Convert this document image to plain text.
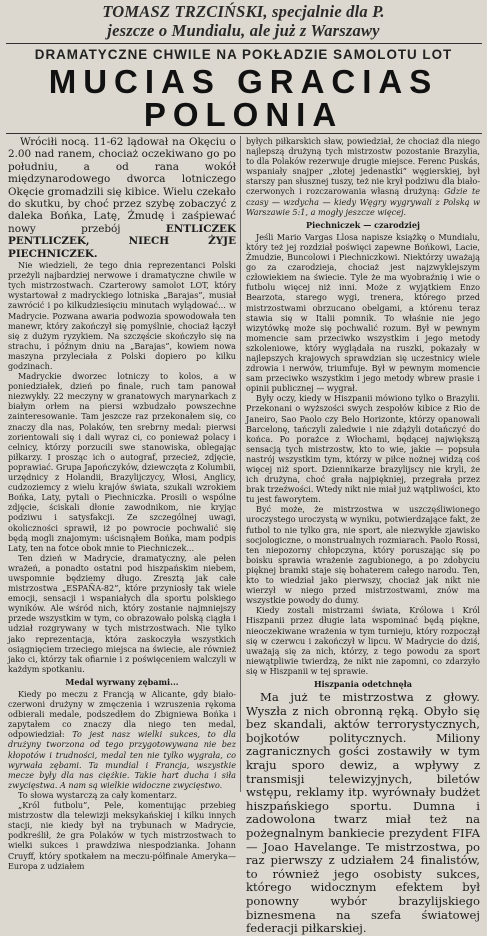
TOMASZ TRZCIŃSKI, specjalnie dla P.
jeszcze o Mundialu, ale już z Warszawy
DRAMATYCZNE CHWILE NA POKŁADZIE SAMOLOTU LOT
MUCIAS GRACIAS
POLONIA

Wróciłi nocą. 11-62 lądował na Okęciu o 2.00 nad ranem, chociaż oczekiwano go po południu, a od rana wokół międzynarodowego dworca lotniczego Okęcie gromadzili się kibice. Wielu czekało do skutku, by choć przez szybę zobaczyć z daleka Bońka, Latę, Żmudę i zaśpiewać nowy przebój ENTLICZEK PENTLICZEK, NIECH ŻYJE PIECHNICZEK.

Nie wiedzieli, że tego dnia reprezentanci Polski przeżyli najbardziej nerwowe i dramatyczne chwile w tych mistrzostwach. Czarterowy samolot LOT, który wystartował z madryckiego lotniska „Barajas”, musiał zawrócić i po kilkudziesięciu minutach wylądować... w Madrycie. Pozwana awaria podwozia spowodowała ten manewr, który zakończył się pomyślnie, chociaż łączył się z dużym ryzykiem. Na szczęście skończyło się na strachu, i późnym dniu na „Barajas”, kowiem nowa maszyna przyleciała z Polski dopiero po kilku godzinach.

Madryckie dworzec lotniczy to kolos, a w poniedziałek, dzień po finale, ruch tam panował niezwykły. 22 meczyny w granatowych marynarkach z białym orłem na piersi wzbudzało powszechne zainteresowanie. Tam jeszcze raz przekonałem się, co znaczy dla nas, Polaków, ten srebrny medal: pierwsi zorientowali się i dali wyraz ci, co ponieważ polacy i celnicy, którzy porzucili swe stanowiska, oblegając piłkarzy. I prosząc ich o autograf, przecież, zdjęcie, poprawiać. Grupa Japończyków, dziewczęta z Kolumbii, urzędnicy z Holandii, Brazylijczycy, Włosi, Anglicy, cudzoziemcy z wielu krajów świata, szukali wzrokiem Bońka, Laty, pytali o Piechniczka. Prosili o wspólne zdjęcie, ściskali dłonie zawodnikom, nie kryjąc podziwu i satysfakcji. Ze szczególnej uwagi, okoliczności sprawił, iż po powrocie pochwalić się będą mogli znajomym: uścisnąłem Bońka, mam podpis Laty, ten na fotce obok mnie to Piechniczek...

Ten dzień w Madrycie, dramatyczny, ale pełen wrażeń, a ponadto ostatni pod hiszpańskim niebem, uwspomnie będziemy długo. Zresztą jak całe mistrzostwa „ESPAÑA-82”, które przyniosły tak wiele emocji, sensacji i wspaniałych dla sportu polskiego wyników. Ale wśród nich, który zostanie najmniejszy przede wszystkim w tym, co obrazowało polską ciągła i udział rozgrywany w tych mistrzostwach. Nie tylko jako reprezentacja, która zaskoczyła wszystkich osiągnięciem trzeciego miejsca na świecie, ale również jako ci, którzy tak ofiarnie i z poświęceniem walczyli w każdym spotkaniu.

Medal wyrwany zębami...

Kiedy po meczu z Francją w Alicante, gdy biało-czerwoni drużyny w zmęczenia i wzruszenia rękoma odbierali medale, podszedłem do Zbigniewa Bońka i zapytałem co znaczy dla niego ten medal, odpowiedział: To jest nasz wielki sukces, to dla drużyny tworzona od tego przygotowywana nie bez kłopotów i trudności, medal ten nie tylko wygrała, co wyrwała zębami. Ta mundial i Francja, wszystkie mecze były dla nas ciężkie. Takie hart ducha i siła zwycięstwa. A nam są wielkie widoczne zwycięstwo.

To słowa wystarczą za cały komentarz.

„Król futbolu”, Pele, komentując przebieg mistrzostw dla telewizji meksykańskiej i kilku innych stacji, nie kiedy był na trybunach w Madrycie, podkreślił, że gra Polaków w tych mistrzostwach to wielki sukces i prawdziwa niespodzianka. Johann Cruyff, który spotkałem na meczu-półfinale Ameryka—Europa z udziałem

byłych piłkarskich sław, powiedział, że chociaż dla niego najlepszą drużyną tych mistrzostw pozostanie Brazylia, to dla Polaków rezerwuje drugie miejsce. Ferenc Puskás, wspaniały snajper „złotej jedenastki” węgierskiej, był starszy pan słusznej tuszy, też nie krył podziwu dla biało-czerwonych i rozczarowania własną drużyną: Gdzie te czasy — wzdycha — kiedy Węgry wygrywali z Polską w Warszawie 5:1, a mogły jeszcze więcej.

Piechniczek — czarodziej

Jeśli Mario Vargas Llosa napisze książkę o Mundialu, który też jej rozdział poświęci zapewne Bońkowi, Lacie, Żmudzie, Buncolowi i Piechniczkowi. Niektórzy uważają go za czarodzieja, chociaż jest najzwyklejszym człowiekiem na świecie. Tyle że ma wyobraźnię i wie o futbolu więcej niż inni. Może z wyjątkiem Enzo Bearzota, starego wygi, trenera, którego przed mistrzostwami obrzucano obelgami, a którenu teraz stawia się w Italii pomnik. To właśnie nie jego wizytówkę może się pochwalić rozum. Był w pewnym momencie sam przeciwko wszystkim i jego metody szkoleniowe, który wyglądała na ruszki, pokazały w najlepszych krajowych sprawdzian się uczestnicy wiele zdrowia i nerwów, triumfuje. Był w pewnym momencie sam przeciwko wszystkim i jego metody wbrew prasie i opinii publicznej — wygrał.

Były oczy, kiedy w Hiszpanii mówiono tylko o Brazylii. Przekonani o wyższości swych zespołów kibice z Rio de Janeiro, Sao Paolo czy Belo Horizonte, którzy opanowali Barcelonę, tańczyli zaledwie i nie zdążyli dotańczyć do końca. Po porażce z Włochami, będącej największą sensacją tych mistrzostw, kto to wie, jakie — popsuła nastrój wszystkim tym, którzy w piłce nożnej widzą coś więcej niż sport. Dziennikarze brazylijscy nie kryli, że ich drużyna, choć grała najpiękniej, przegrała przez brak trzeźwości. Wtedy nikt nie miał już wątpliwości, kto tu jest faworytem.

Być może, że mistrzostwa w uszczęśliwionego uroczystego uroczystą w wyniku, potwierdzające fakt, że futbol to nie tylko gra, nie sport, ale niezwykłe zjawisko socjologiczne, o monstrualnych rozmiarach. Paolo Rossi, ten niepozorny chłopczyna, który poruszając się po boisku sprawia wrażenie zagubionego, a po zdobyciu pięknej bramki staje się bohaterem całego narodu. Ten, kto to wiedział jako pierwszy, chociaż jak nikt nie wierzył w niego przed mistrzostwami, znów ma wszystkie powody do dumy.

Kiedy zostali mistrzami świata, Królowa i Król Hiszpanii przez długie lata wspominać będą piękne, nieoczekiwane wrażenia w tym turnieju, który rozpoczął się w czerwcu i zakończył w lipcu. W Madrycie do dziś, uważają się za nich, którzy, z tego powodu za sport niewątpliwie twierdzą, że nikt nie zapomni, co zdarzyło się w Hiszpanii w tej sprawie.

Hiszpania odetchnęła

Ma już te mistrzostwa z głowy. Wyszła z nich obronną ręką. Obyło się bez skandali, aktów terrorystycznych, bojkotów politycznych. Miliony zagranicznych gości zostawiły w tym kraju sporo dewiz, a wpływy z transmisji telewizyjnych, biletów wstępu, reklamy itp. wyrównały budżet hiszpańskiego sportu. Dumna i zadowolona twarz miał też na pożegnalnym bankiecie prezydent FIFA — Joao Havelange. Te mistrzostwa, po raz pierwszy z udziałem 24 finalistów, to również jego osobisty sukces, którego widocznym efektem był ponowny wybór brazylijskiego biznesmena na szefa światowej federacji piłkarskiej.
